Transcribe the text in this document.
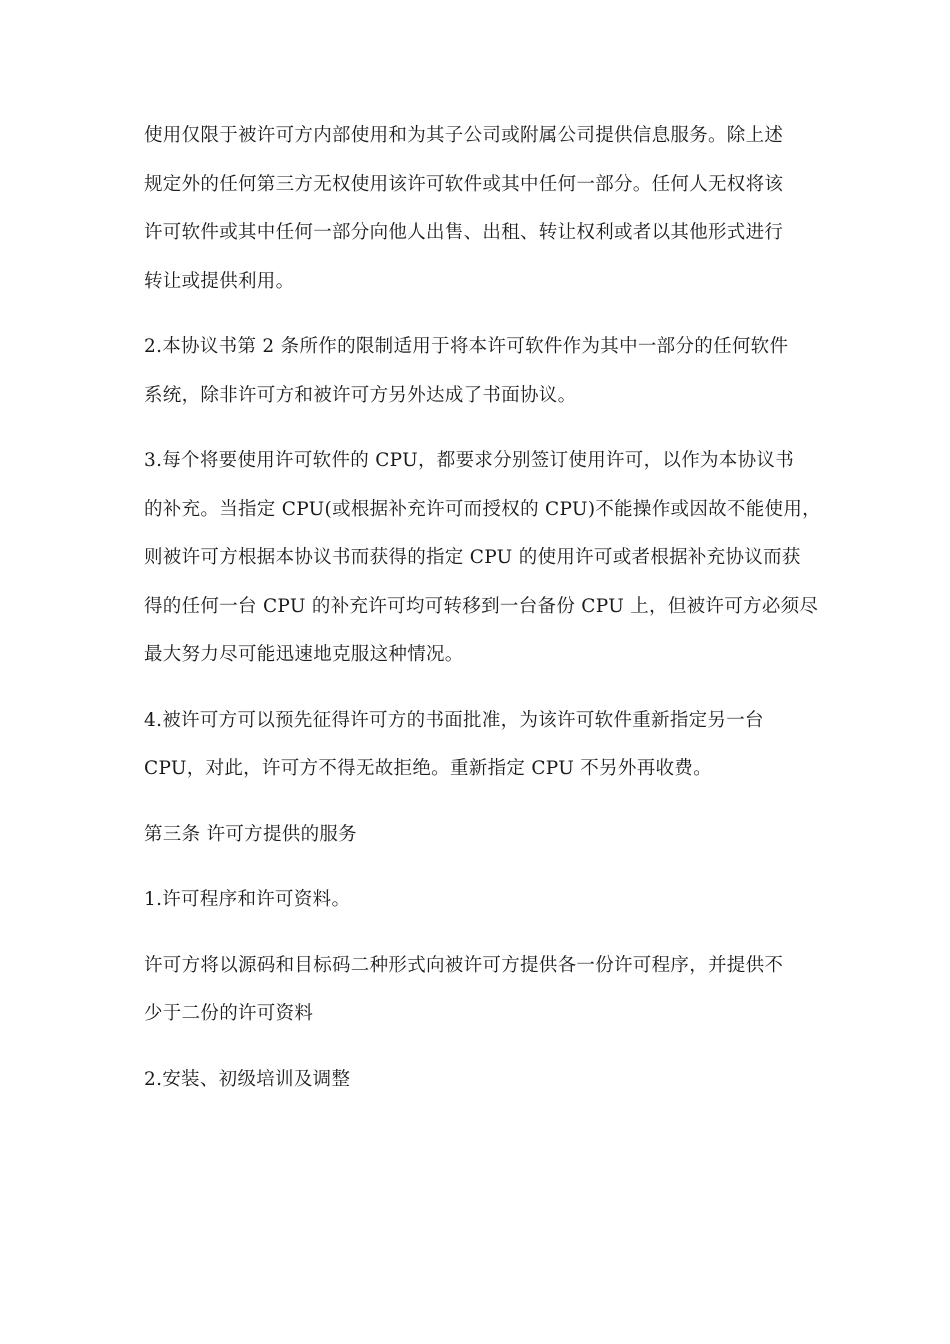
使用仅限于被许可方内部使用和为其子公司或附属公司提供信息服务。除上述
规定外的任何第三方无权使用该许可软件或其中任何一部分。任何人无权将该
许可软件或其中任何一部分向他人出售、出租、转让权利或者以其他形式进行
转让或提供利用。

2.本协议书第 2 条所作的限制适用于将本许可软件作为其中一部分的任何软件
系统，除非许可方和被许可方另外达成了书面协议。

3.每个将要使用许可软件的 CPU，都要求分别签订使用许可，以作为本协议书
的补充。当指定 CPU(或根据补充许可而授权的 CPU)不能操作或因故不能使用，
则被许可方根据本协议书而获得的指定 CPU 的使用许可或者根据补充协议而获
得的任何一台 CPU 的补充许可均可转移到一台备份 CPU 上，但被许可方必须尽
最大努力尽可能迅速地克服这种情况。

4.被许可方可以预先征得许可方的书面批准，为该许可软件重新指定另一台
CPU，对此，许可方不得无故拒绝。重新指定 CPU 不另外再收费。

第三条 许可方提供的服务

1.许可程序和许可资料。

许可方将以源码和目标码二种形式向被许可方提供各一份许可程序，并提供不
少于二份的许可资料

2.安装、初级培训及调整
